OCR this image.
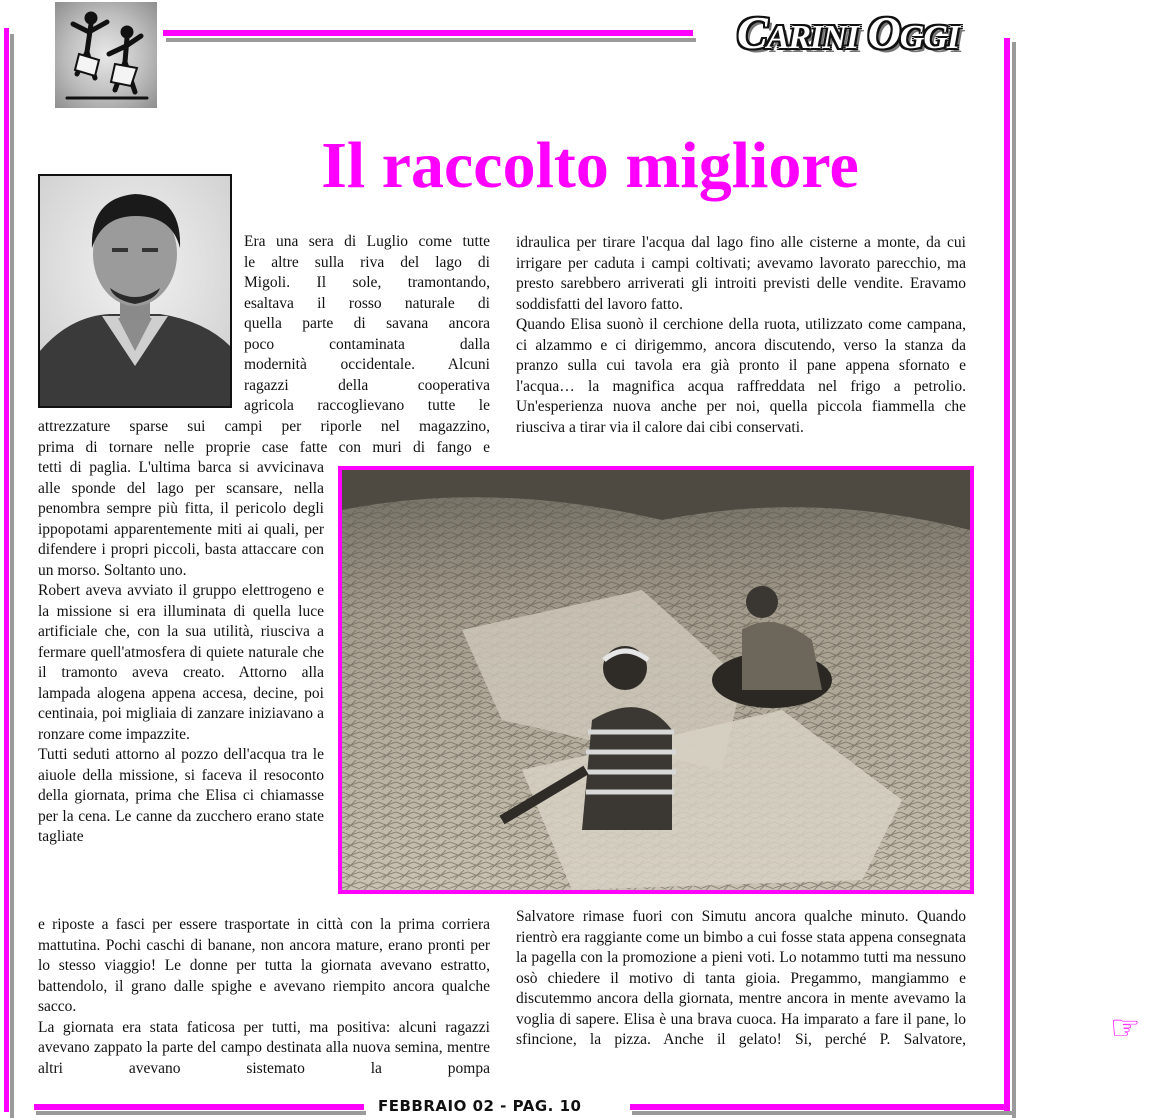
CARINI OGGI
Il raccolto migliore

Era una sera di Luglio come tutte

le altre sulla riva del lago di

Migoli. Il sole, tramontando,

esaltava il rosso naturale di

quella parte di savana ancora

poco contaminata dalla

modernità occidentale. Alcuni

ragazzi della cooperativa

agricola raccoglievano tutte le

attrezzature sparse sui campi per riporle nel magazzino,

prima di tornare nelle proprie case fatte con muri di fango e

tetti di paglia. L'ultima barca si avvicinava alle sponde del lago per scansare, nella penombra sempre più fitta, il pericolo degli ippopotami apparentemente miti ai quali, per difendere i propri piccoli, basta attaccare con un morso. Soltanto uno.

Robert aveva avviato il gruppo elettrogeno e la missione si era illuminata di quella luce artificiale che, con la sua utilità, riusciva a fermare quell'atmosfera di quiete naturale che il tramonto aveva creato. Attorno alla lampada alogena appena accesa, decine, poi centinaia, poi migliaia di zanzare iniziavano a ronzare come impazzite.

Tutti seduti attorno al pozzo dell'acqua tra le aiuole della missione, si faceva il resoconto della giornata, prima che Elisa ci chiamasse per la cena. Le canne da zucchero erano state tagliate

e riposte a fasci per essere trasportate in città con la prima corriera mattutina. Pochi caschi di banane, non ancora mature, erano pronti per lo stesso viaggio! Le donne per tutta la giornata avevano estratto, battendolo, il grano dalle spighe e avevano riempito ancora qualche sacco.

La giornata era stata faticosa per tutti, ma positiva: alcuni ragazzi avevano zappato la parte del campo destinata alla nuova semina, mentre altri avevano sistemato la pompa

idraulica per tirare l'acqua dal lago fino alle cisterne a monte, da cui irrigare per caduta i campi coltivati; avevamo lavorato parecchio, ma presto sarebbero arriverati gli introiti previsti delle vendite. Eravamo soddisfatti del lavoro fatto.

Quando Elisa suonò il cerchione della ruota, utilizzato come campana, ci alzammo e ci dirigemmo, ancora discutendo, verso la stanza da pranzo sulla cui tavola era già pronto il pane appena sfornato e l'acqua… la magnifica acqua raffreddata nel frigo a petrolio. Un'esperienza nuova anche per noi, quella piccola fiammella che riusciva a tirar via il calore dai cibi conservati.

Salvatore rimase fuori con Simutu ancora qualche minuto. Quando rientrò era raggiante come un bimbo a cui fosse stata appena consegnata la pagella con la promozione a pieni voti. Lo notammo tutti ma nessuno osò chiedere il motivo di tanta gioia. Pregammo, mangiammo e discutemmo ancora della giornata, mentre ancora in mente avevamo la voglia di sapere. Elisa è una brava cuoca. Ha imparato a fare il pane, lo sfincione, la pizza. Anche il gelato! Si, perché P. Salvatore,	☞
FEBBRAIO 02 - PAG. 10
